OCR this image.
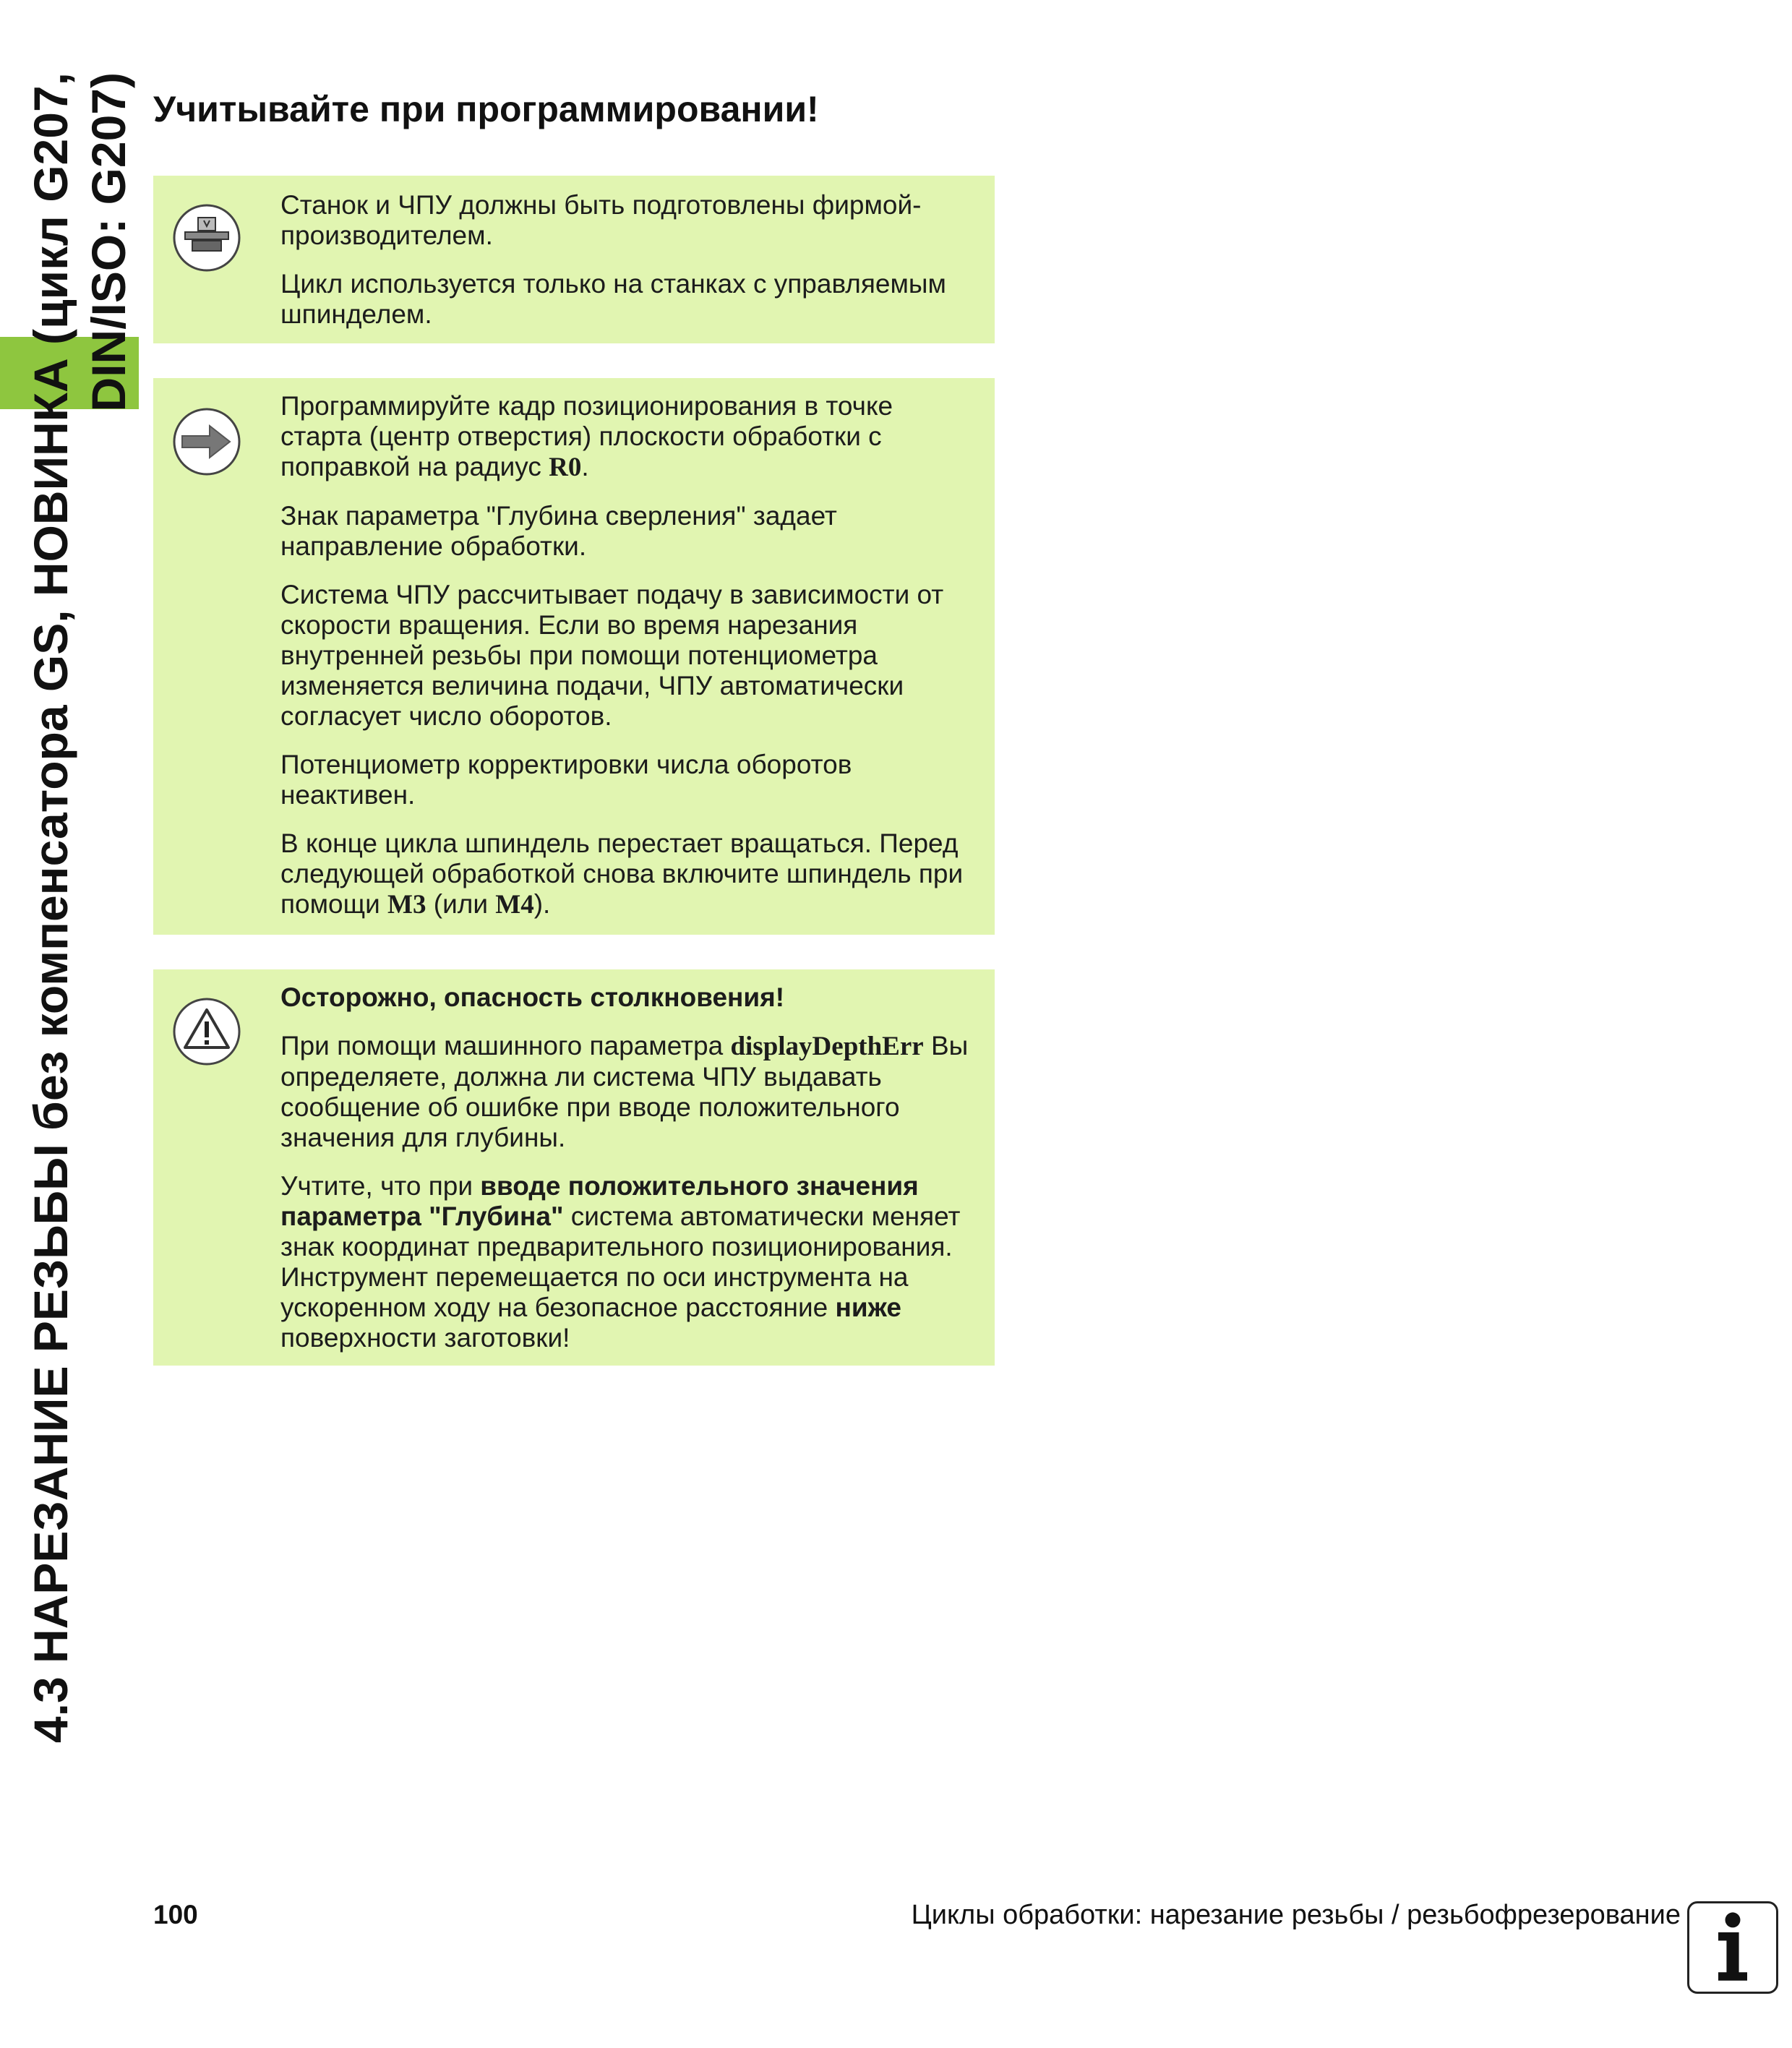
4.3 НАРЕЗАНИЕ РЕЗЬБЫ без компенсатора GS, НОВИНКА (цикл G207, DIN/ISO: G207) Учитывайте при программировании!

Станок и ЧПУ должны быть подготовлены фирмой-производителем.

Цикл используется только на станках с управляемым шпинделем.

Программируйте кадр позиционирования в точке старта (центр отверстия) плоскости обработки с поправкой на радиус R0.

Знак параметра "Глубина сверления" задает направление обработки.

Система ЧПУ рассчитывает подачу в зависимости от скорости вращения. Если во время нарезания внутренней резьбы при помощи потенциометра изменяется величина подачи, ЧПУ автоматически согласует число оборотов.

Потенциометр корректировки числа оборотов неактивен.

В конце цикла шпиндель перестает вращаться. Перед следующей обработкой снова включите шпиндель при помощи M3 (или M4).

Осторожно, опасность столкновения!

При помощи машинного параметра displayDepthErr Вы определяете, должна ли система ЧПУ выдавать сообщение об ошибке при вводе положительного значения для глубины.

Учтите, что при вводе положительного значения параметра "Глубина" система автоматически меняет знак координат предварительного позиционирования. Инструмент перемещается по оси инструмента на ускоренном ходу на безопасное расстояние ниже поверхности заготовки!

100	Циклы обработки: нарезание резьбы / резьбофрезерование
